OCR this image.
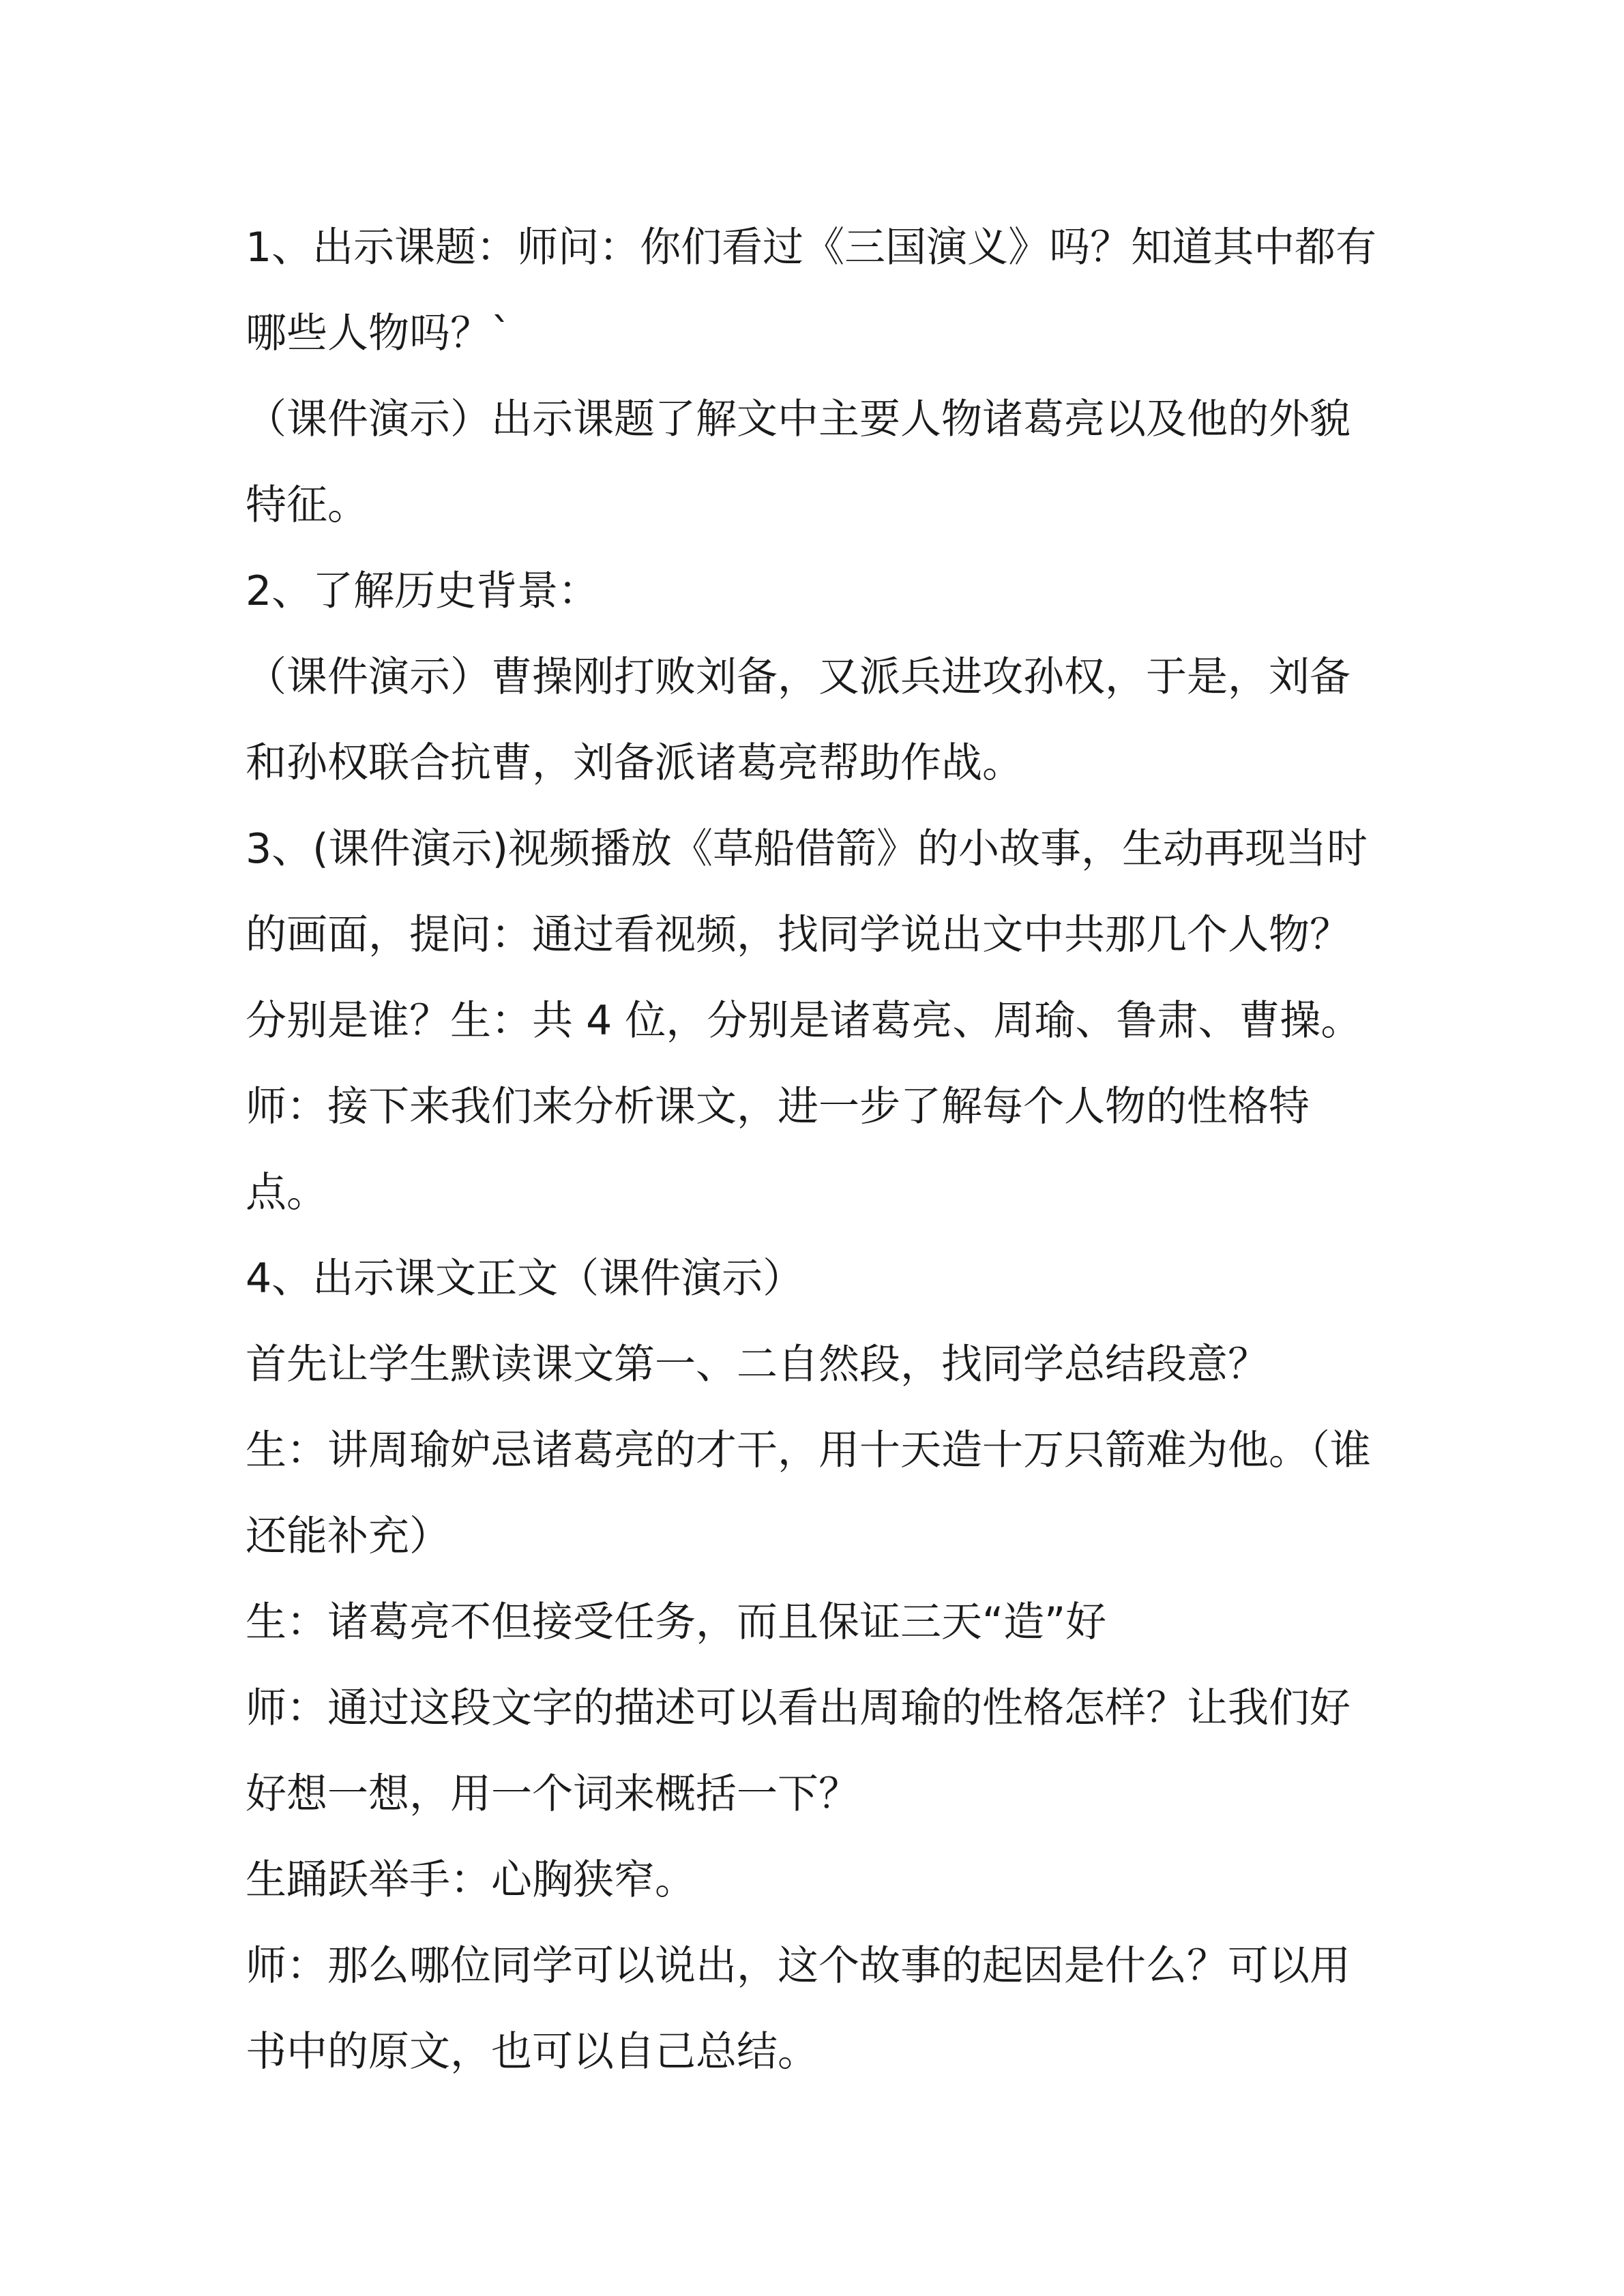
1、出示课题：师问：你们看过《三国演义》吗？知道其中都有
哪些人物吗？`
（课件演示）出示课题了解文中主要人物诸葛亮以及他的外貌
特征。
2、了解历史背景：
（课件演示）曹操刚打败刘备，又派兵进攻孙权，于是，刘备
和孙权联合抗曹，刘备派诸葛亮帮助作战。
3、(课件演示)视频播放《草船借箭》的小故事，生动再现当时
的画面，提问：通过看视频，找同学说出文中共那几个人物？
分别是谁？生：共 4 位，分别是诸葛亮、周瑜、鲁肃、曹操。
师：接下来我们来分析课文，进一步了解每个人物的性格特
点。
4、出示课文正文（课件演示）
首先让学生默读课文第一、二自然段，找同学总结段意？
生：讲周瑜妒忌诸葛亮的才干，用十天造十万只箭难为他。（谁
还能补充）
生：诸葛亮不但接受任务，而且保证三天“造”好
师：通过这段文字的描述可以看出周瑜的性格怎样？让我们好
好想一想，用一个词来概括一下？
生踊跃举手：心胸狭窄。
师：那么哪位同学可以说出，这个故事的起因是什么？可以用
书中的原文，也可以自己总结。
